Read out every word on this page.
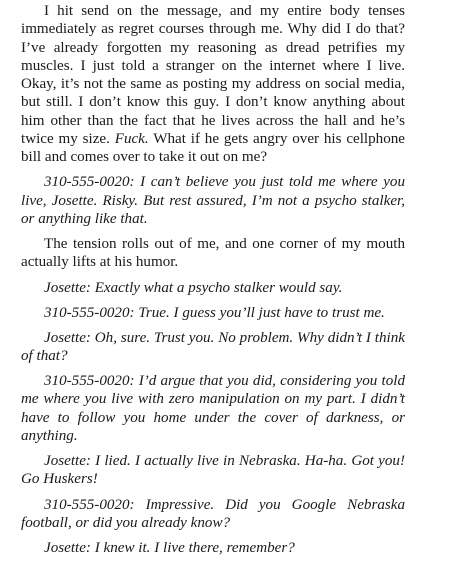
I hit send on the message, and my entire body tenses immediately as regret courses through me. Why did I do that? I’ve already forgotten my reasoning as dread petrifies my muscles. I just told a stranger on the internet where I live. Okay, it’s not the same as posting my address on social media, but still. I don’t know this guy. I don’t know anything about him other than the fact that he lives across the hall and he’s twice my size. Fuck. What if he gets angry over his cellphone bill and comes over to take it out on me?

310-555-0020: I can’t believe you just told me where you live, Josette. Risky. But rest assured, I’m not a psycho stalker, or anything like that.

The tension rolls out of me, and one corner of my mouth actually lifts at his humor.

Josette: Exactly what a psycho stalker would say.

310-555-0020: True. I guess you’ll just have to trust me.

Josette: Oh, sure. Trust you. No problem. Why didn’t I think of that?

310-555-0020: I’d argue that you did, considering you told me where you live with zero manipulation on my part. I didn’t have to follow you home under the cover of darkness, or anything.

Josette: I lied. I actually live in Nebraska. Ha-ha. Got you! Go Huskers!

310-555-0020: Impressive. Did you Google Nebraska football, or did you already know?

Josette: I knew it. I live there, remember?
